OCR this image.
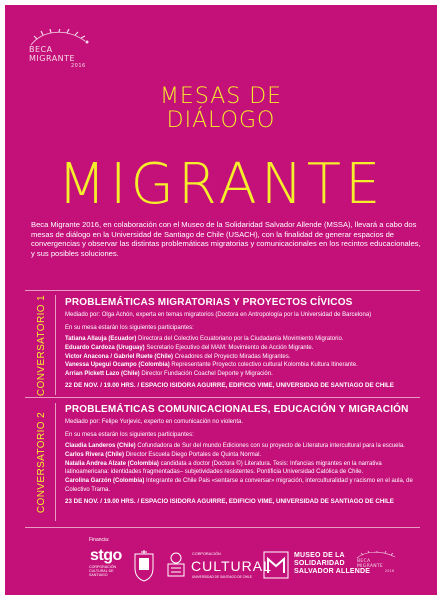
BECA
MIGRANTE
2016
MESAS DE
DIÁLOGO
MIGRANTE
Beca Migrante 2016, en colaboración con el Museo de la Solidaridad Salvador Allende (MSSA), llevará a cabo dos mesas de diálogo en la Universidad de Santiago de Chile (USACH), con la finalidad de generar espacios de convergencias y observar las distintas problemáticas migratorias y comunicacionales en los recintos educacionales, y sus posibles soluciones.
CONVERSATORIO 1 PROBLEMÁTICAS MIGRATORIAS Y PROYECTOS CÍVICOS
Mediado por: Olga Achón, experta en temas migratorios (Doctora en Antropología por la Universidad de Barcelona)
En su mesa estarán los siguientes participantes:
Tatiana Allauja (Ecuador) Directora del Colectivo Ecuatoriano por la Ciudadanía Movimiento Migratorio.
Eduardo Cardoza (Uruguay) Secretario Ejecutivo del MAM: Movimiento de Acción Migrante.
Victor Anacona / Gabriel Ruete (Chile) Creadores del Proyecto Miradas Migrantes.
Vanessa Upegui Ocampo (Colombia) Representante Proyecto colectivo cultural Kolombia Kultura Itinerante.
Arrian Pickett Lazo (Chile) Director Fundación Coachel Deporte y Migración.
22 DE NOV. / 19.00 HRS. / ESPACIO ISIDORA AGUIRRE, EDIFICIO VIME, UNIVERSIDAD DE SANTIAGO DE CHILE
CONVERSATORIO 2
PROBLEMÁTICAS COMUNICACIONALES, EDUCACIÓN Y MIGRACIÓN
Mediado por: Felipe Yurjevic, experto en comunicación no violenta.
En su mesa estarán los siguientes participantes:
Claudia Landeros (Chile) Cofundadora de Sur del mundo Ediciones con su proyecto de Literatura intercultural para la escuela.
Carlos Rivera (Chile) Director Escuela Diego Portales de Quinta Normal.
Natalia Andrea Alzate (Colombia) candidata a doctor (Doctora ©) Literatura. Tesis: Infancias migrantes en la narrativa latinoamericana: identidades fragmentadas– subjetividades resistentes. Pontificia Universidad Católica de Chile.
Carolina Garzón (Colombia) Integrante de Chile Pais «sentarse a conversar» migración, interculturalidad y racismo en el aula, de Colectivo Trama.
23 DE NOV. / 19.00 HRS. / ESPACIO ISIDORA AGUIRRE, EDIFICIO VIME, UNIVERSIDAD DE SANTIAGO DE CHILE
Financia:
stgo
CORPORACIÓN CULTURAL DE SANTIAGO
CORPORACIÓN
CULTURAL
UNIVERSIDAD DE SANTIAGO DE CHILE
MUSEO DE LA
SOLIDARIDAD
SALVADOR ALLENDE
BECA
MIGRANTE
2016
